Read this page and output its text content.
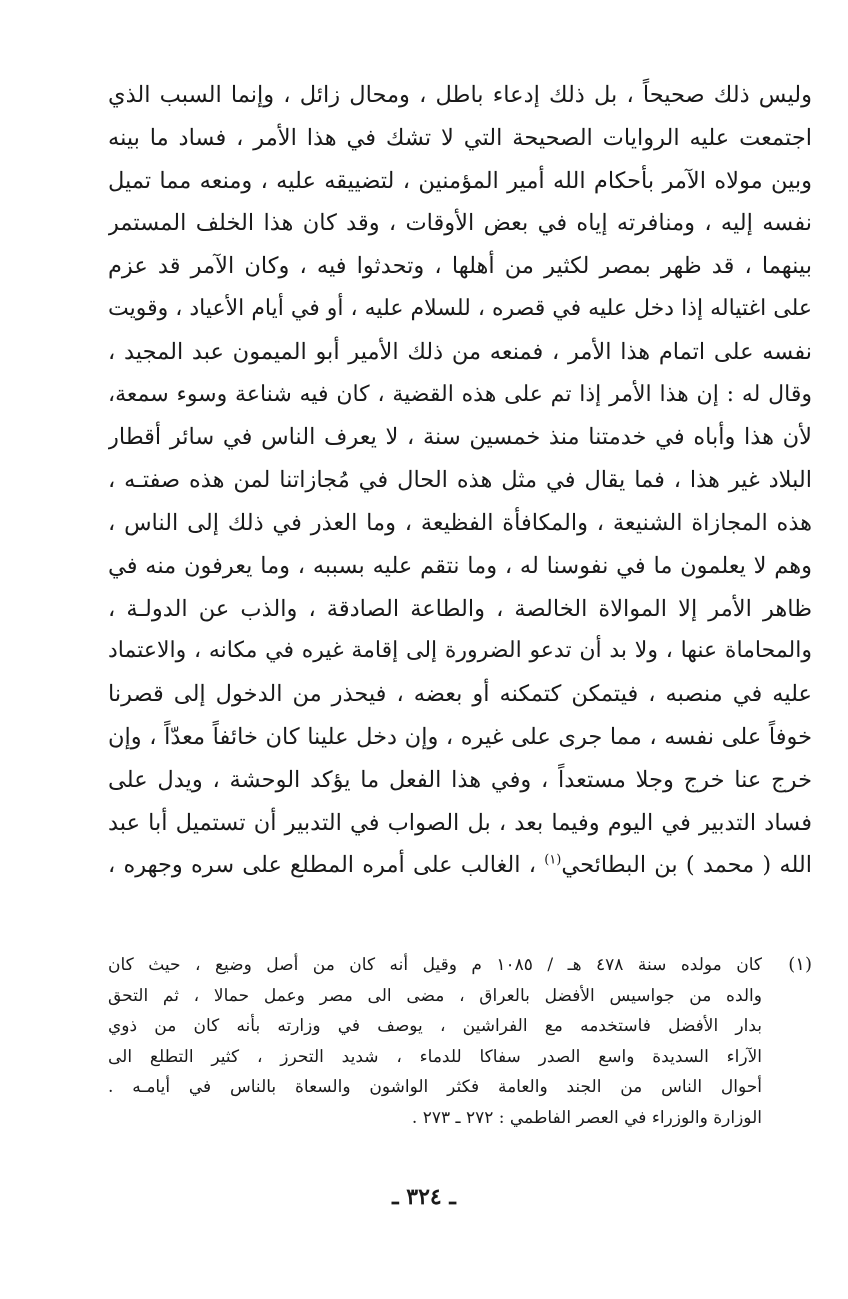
وليس ذلك صحيحاً ، بل ذلك إدعاء باطل ، ومحال زائل ، وإنما السبب الذي
اجتمعت عليه الروايات الصحيحة التي لا تشك في هذا الأمر ، فساد ما بينه
وبين مولاه الآمر بأحكام الله أمير المؤمنين ، لتضييقه عليه ، ومنعه مما تميل
نفسه إليه ، ومنافرته إياه في بعض الأوقات ، وقد كان هذا الخلف المستمر
بينهما ، قد ظهر بمصر لكثير من أهلها ، وتحدثوا فيه ، وكان الآمر قد عزم
على اغتياله إذا دخل عليه في قصره ، للسلام عليه ، أو في أيام الأعياد ، وقويت
نفسه على اتمام هذا الأمر ، فمنعه من ذلك الأمير أبو الميمون عبد المجيد ،
وقال له : إن هذا الأمر إذا تم على هذه القضية ، كان فيه شناعة وسوء سمعة،
لأن هذا وأباه في خدمتنا منذ خمسين سنة ، لا يعرف الناس في سائر أقطار
البلاد غير هذا ، فما يقال في مثل هذه الحال في مُجازاتنا لمن هذه صفتـه ،
هذه المجازاة الشنيعة ، والمكافأة الفظيعة ، وما العذر في ذلك إلى الناس ،
وهم لا يعلمون ما في نفوسنا له ، وما نتقم عليه بسببه ، وما يعرفون منه في
ظاهر الأمر إلا الموالاة الخالصة ، والطاعة الصادقة ، والذب عن الدولـة ،
والمحاماة عنها ، ولا بد أن تدعو الضرورة إلى إقامة غيره في مكانه ، والاعتماد
عليه في منصبه ، فيتمكن كتمكنه أو بعضه ، فيحذر من الدخول إلى قصرنا
خوفاً على نفسه ، مما جرى على غيره ، وإن دخل علينا كان خائفاً معدّاً ، وإن
خرج عنا خرج وجلا مستعداً ، وفي هذا الفعل ما يؤكد الوحشة ، ويدل على
فساد التدبير في اليوم وفيما بعد ، بل الصواب في التدبير أن تستميل أبا عبد
الله ( محمد ) بن البطائحي$^{(١)}$ ، الغالب على أمره المطلع على سره وجهره ،
(١)
كان مولده سنة ٤٧٨ هـ / ١٠٨٥ م وقيل أنه كان من أصل وضيع ، حيث كان
والده من جواسيس الأفضل بالعراق ، مضى الى مصر وعمل حمالا ، ثم التحق
بدار الأفضل فاستخدمه مع الفراشين ، يوصف في وزارته بأنه كان من ذوي
الآراء السديدة واسع الصدر سفاكا للدماء ، شديد التحرز ، كثير التطلع الى
أحوال الناس من الجند والعامة فكثر الواشون والسعاة بالناس في أيامـه .
الوزارة والوزراء في العصر الفاطمي : ٢٧٢ ـ ٢٧٣ .
ـ ٣٢٤ ـ
